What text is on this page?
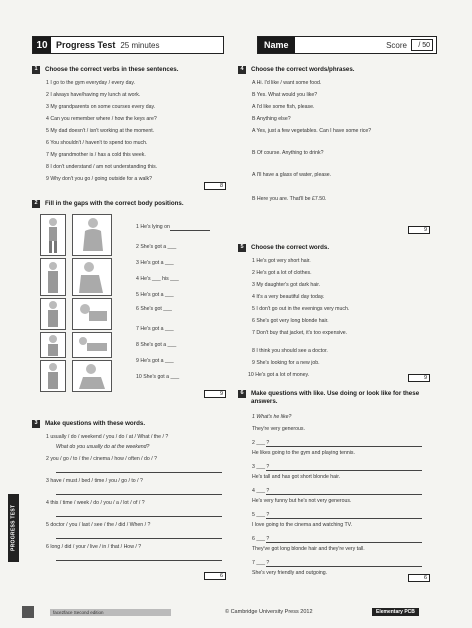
10 Progress Test 25 minutes	Name	Score	/ 50
1	Choose the correct verbs in these sentences.
1 I go to the gym everyday / every day.
2 I always have/having my lunch at work.
3 My grandparents on some courses every day.
4 Can you remember where / how the keys are?
5 My dad doesn't / isn't working at the moment.
6 You shouldn't / haven't to spend too much.
7 My grandmother is / has a cold this week.
8 I don't understand / am not understanding this.
9 Why don't you go / going outside for a walk?
8
2	Fill in the gaps with the correct body positions.
1 He's lying on
2 She's got a ___
3 He's got a ___
4 He's ___ his ___
5 He's got a ___
6 She's got ___
7 He's got a ___
8 She's got a ___
9 He's got a ___
10 She's got a ___
9
3	Make questions with these words.
1 usually / do / weekend / you / do / at / What / the / ?
What do you usually do at the weekend?
2 you / go / to / the / cinema / how / often / do / ?
3 have / must / bed / time / you / go / to / ?
4 this / time / week / do / you / a / lot / of / ?
5 doctor / you / last / see / the / did / When / ?
6 long / did / your / live / in / that / How / ?
6
4	Choose the correct words/phrases.
A Hi. I'd like / want some food.
B Yes. What would you like?
A I'd like some fish, please.
B Anything else?
A Yes, just a few vegetables. Can I have some rice?
B Of course. Anything to drink?
A I'll have a glass of water, please.
B Here you are. That'll be £7.50.
9
5	Choose the correct words.
1 He's got very short hair.
2 He's got a lot of clothes.
3 My daughter's got dark hair.
4 It's a very beautiful day today.
5 I don't go out in the evenings very much.
6 She's got very long blonde hair.
7 Don't buy that jacket, it's too expensive.
8 I think you should see a doctor.
9 She's looking for a new job.
10 He's got a lot of money.	9
6	Make questions with like. Use doing or look like for these answers.
1 What's he like?
They're very generous.
2 ___ ?
He likes going to the gym and playing tennis.
3 ___ ?
He's tall and has got short blonde hair.
4 ___ ?
He's very funny but he's not very generous.
5 ___ ?
I love going to the cinema and watching TV.
6 ___ ?
They've got long blonde hair and they're very tall.
7 ___ ?
She's very friendly and outgoing.
6
PROGRESS TEST
face2face Second edition	© Cambridge University Press 2012	Elementary PCB
